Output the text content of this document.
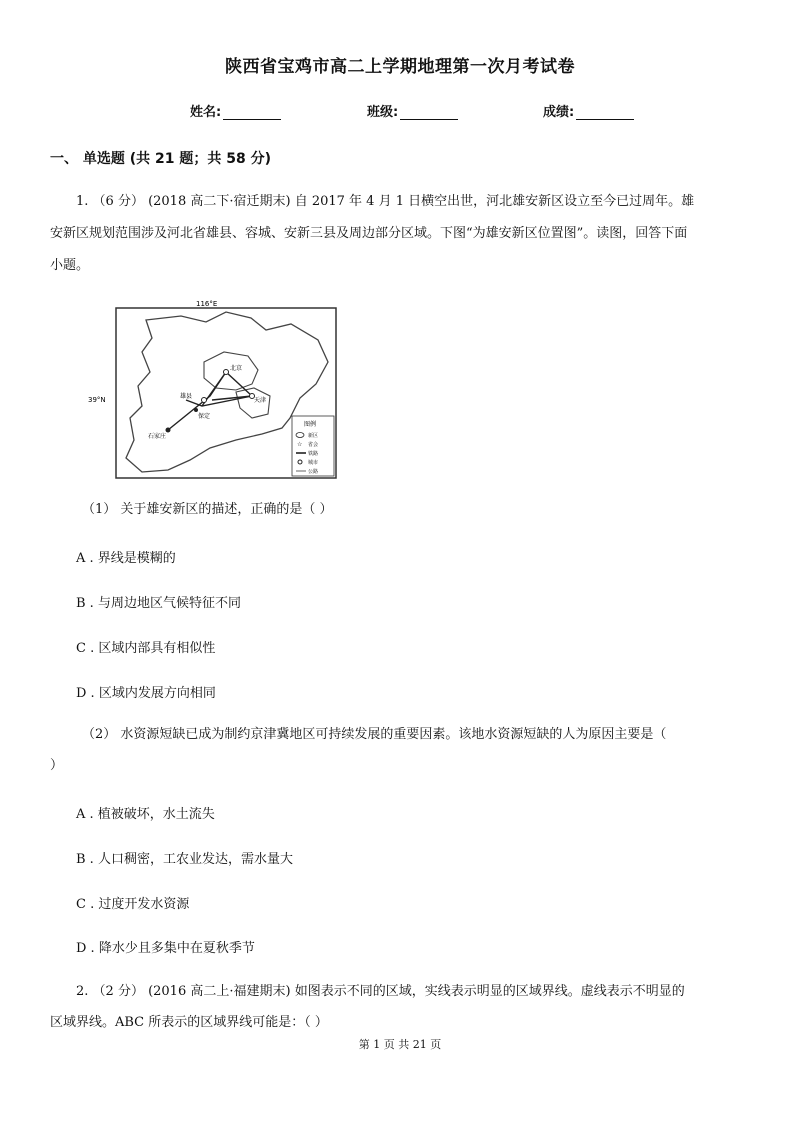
陕西省宝鸡市高二上学期地理第一次月考试卷
姓名:	班级:	成绩:
一、 单选题 (共 21 题；共 58 分)
1. （6 分） (2018 高二下·宿迁期末) 自 2017 年 4 月 1 日横空出世，河北雄安新区设立至今已过周年。雄
安新区规划范围涉及河北省雄县、容城、安新三县及周边部分区域。下图“为雄安新区位置图”。读图，回答下面
小题。
116°E
39°N
北京
雄县
保定
天津
石家庄
图例
新区
☆ 省会
铁路
城市
公路
（1） 关于雄安新区的描述，正确的是（ ）
A . 界线是模糊的
B . 与周边地区气候特征不同
C . 区域内部具有相似性
D . 区域内发展方向相同
（2） 水资源短缺已成为制约京津冀地区可持续发展的重要因素。该地水资源短缺的人为原因主要是（
）
A . 植被破坏，水土流失
B . 人口稠密，工农业发达，需水量大
C . 过度开发水资源
D . 降水少且多集中在夏秋季节
2. （2 分） (2016 高二上·福建期末) 如图表示不同的区域，实线表示明显的区域界线。虚线表示不明显的
区域界线。ABC 所表示的区域界线可能是：（ ）
第 1 页 共 21 页
